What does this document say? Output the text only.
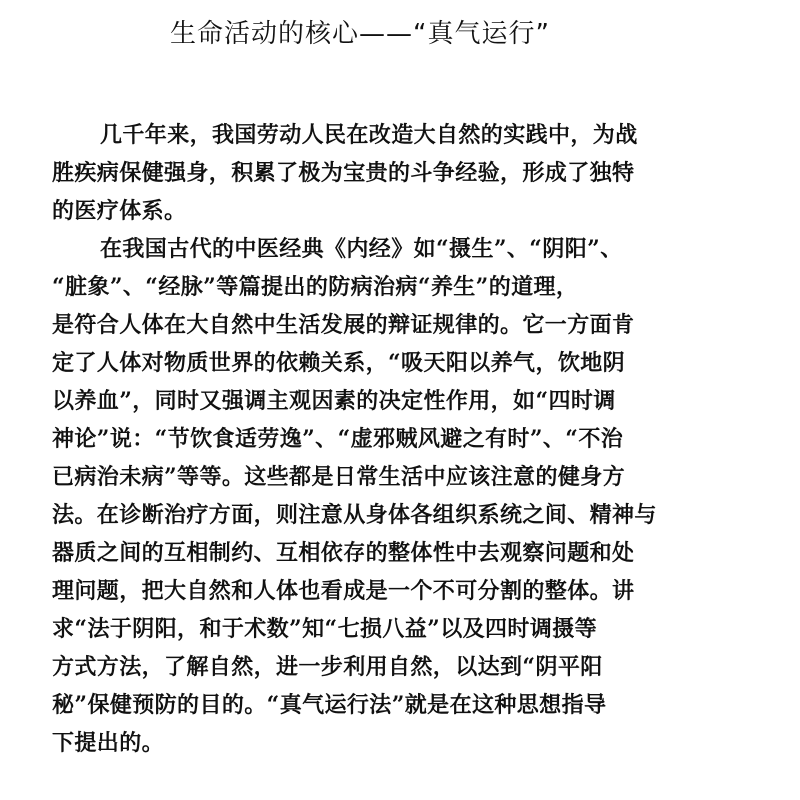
生命活动的核心——“真气运行”
几千年来，我国劳动人民在改造大自然的实践中，为战
胜疾病保健强身，积累了极为宝贵的斗争经验，形成了独特
的医疗体系。
在我国古代的中医经典《内经》如“摄生”、“阴阳”、
“脏象”、“经脉”等篇提出的防病治病“养生”的道理，
是符合人体在大自然中生活发展的辩证规律的。它一方面肯
定了人体对物质世界的依赖关系，“吸天阳以养气，饮地阴
以养血”，同时又强调主观因素的决定性作用，如“四时调
神论”说：“节饮食适劳逸”、“虚邪贼风避之有时”、“不治
已病治未病”等等。这些都是日常生活中应该注意的健身方
法。在诊断治疗方面，则注意从身体各组织系统之间、精神与
器质之间的互相制约、互相依存的整体性中去观察问题和处
理问题，把大自然和人体也看成是一个不可分割的整体。讲
求“法于阴阳，和于术数”知“七损八益”以及四时调摄等
方式方法，了解自然，进一步利用自然，以达到“阴平阳
秘”保健预防的目的。“真气运行法”就是在这种思想指导
下提出的。
